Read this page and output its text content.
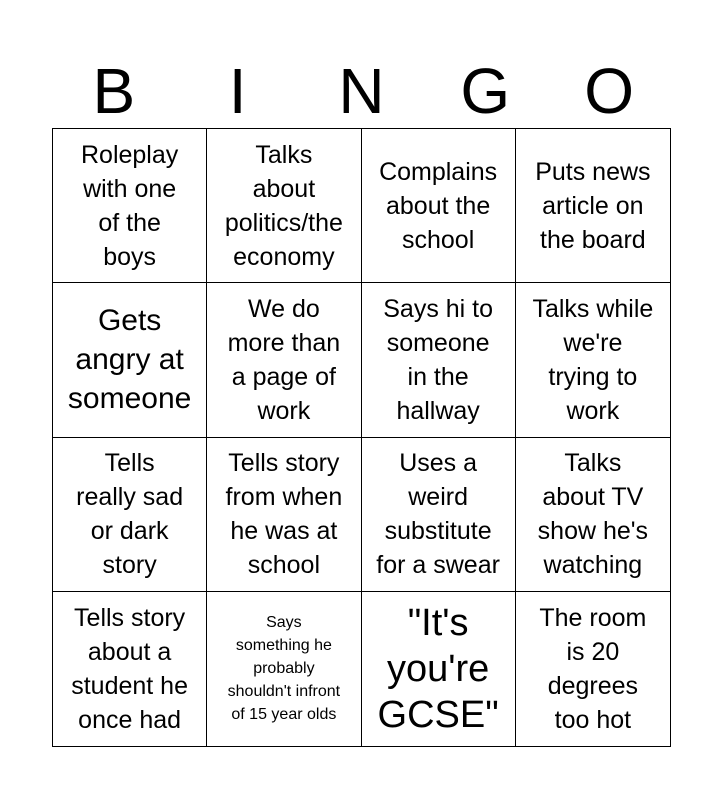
B	I	N	G	O
Roleplay
with one
of the
boys
Talks
about
politics/the
economy
Complains
about the
school
Puts news
article on
the board
Gets
angry at
someone
We do
more than
a page of
work
Says hi to
someone
in the
hallway
Talks while
we're
trying to
work
Tells
really sad
or dark
story
Tells story
from when
he was at
school
Uses a
weird
substitute
for a swear
Talks
about TV
show he's
watching
Tells story
about a
student he
once had
Says
something he
probably
shouldn't infront
of 15 year olds
"It's
you're
GCSE"
The room
is 20
degrees
too hot
